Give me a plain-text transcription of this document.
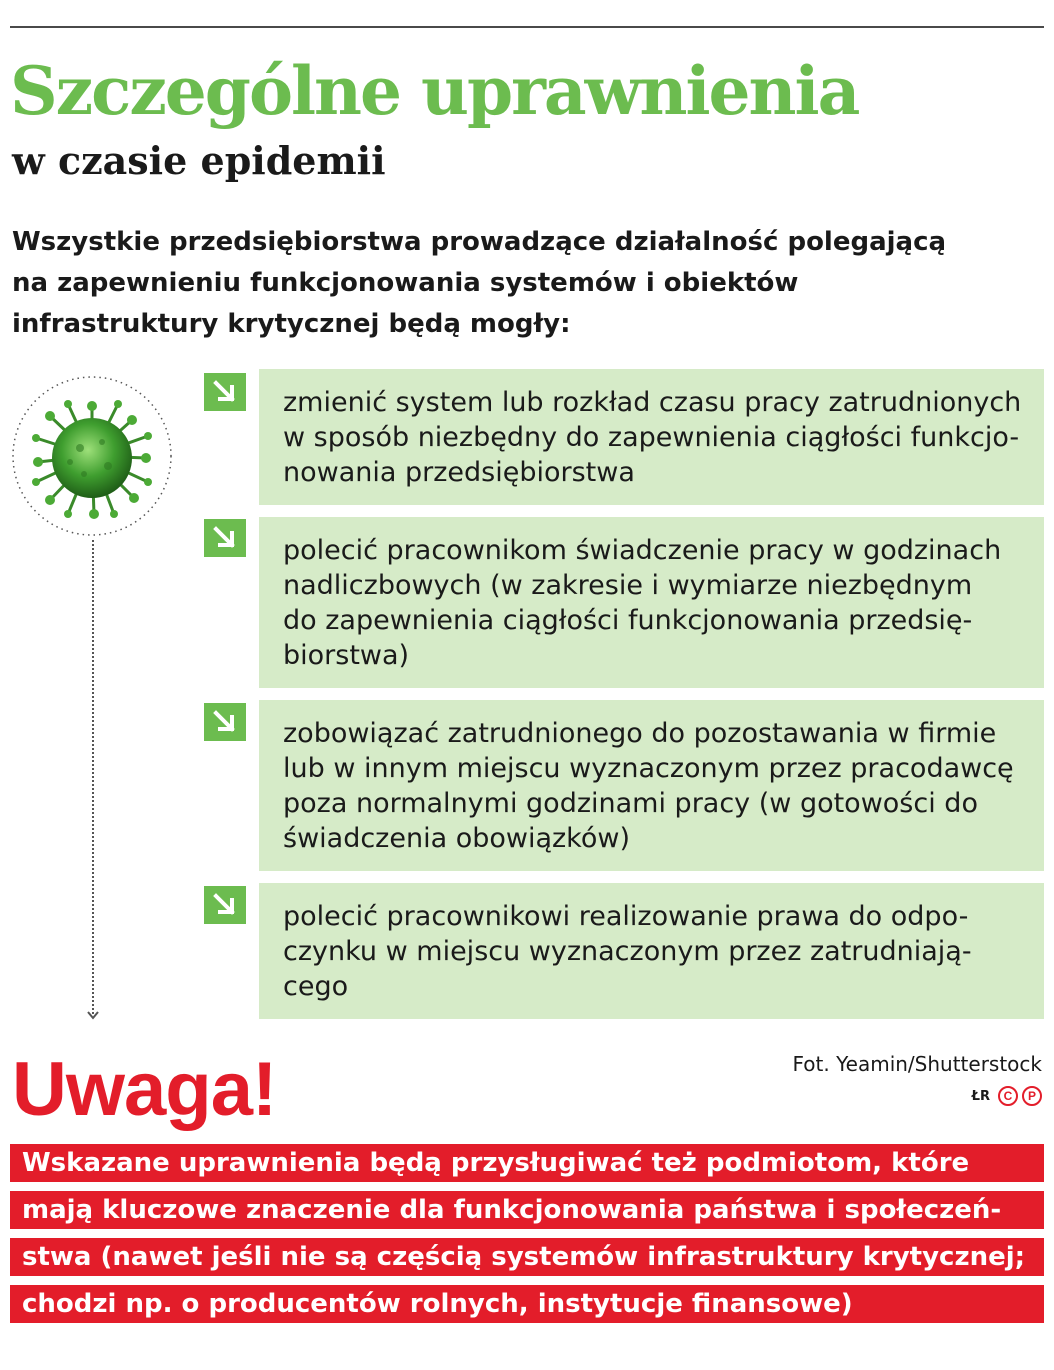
Szczególne uprawnienia
w czasie epidemii
Wszystkie przedsiębiorstwa prowadzące działalność polegającą
na zapewnieniu funkcjonowania systemów i obiektów
infrastruktury krytycznej będą mogły:
zmienić system lub rozkład czasu pracy zatrudnionych
w sposób niezbędny do zapewnienia ciągłości funkcjo-
nowania przedsiębiorstwa
polecić pracownikom świadczenie pracy w godzinach
nadliczbowych (w zakresie i wymiarze niezbędnym
do zapewnienia ciągłości funkcjonowania przedsię-
biorstwa)
zobowiązać zatrudnionego do pozostawania w firmie
lub w innym miejscu wyznaczonym przez pracodawcę
poza normalnymi godzinami pracy (w gotowości do
świadczenia obowiązków)
polecić pracownikowi realizowanie prawa do odpo-
czynku w miejscu wyznaczonym przez zatrudniają-
cego
Uwaga!	Fot. Yeamin/Shutterstock
ŁR	C	P
Wskazane uprawnienia będą przysługiwać też podmiotom, które
mają kluczowe znaczenie dla funkcjonowania państwa i społeczeń-
stwa (nawet jeśli nie są częścią systemów infrastruktury krytycznej;
chodzi np. o producentów rolnych, instytucje finansowe)
